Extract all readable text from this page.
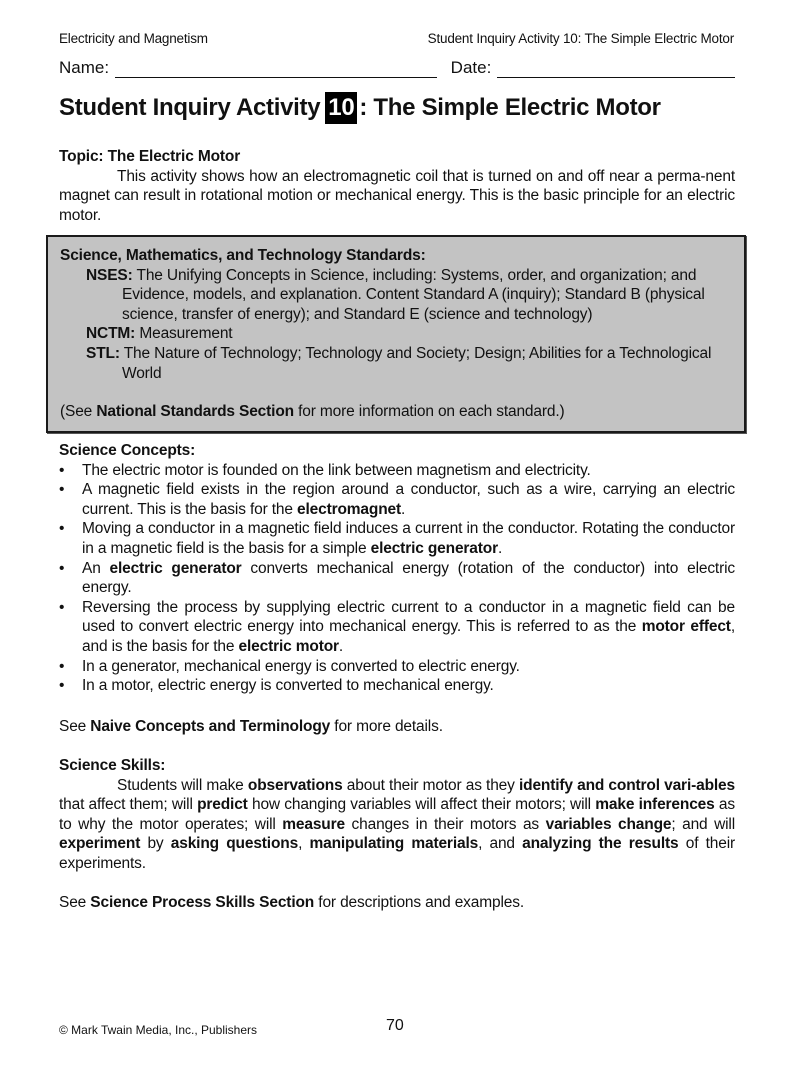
Electricity and Magnetism	Student Inquiry Activity 10: The Simple Electric Motor
Name:	Date:
Student Inquiry Activity 10 : The Simple Electric Motor
Topic: The Electric Motor

This activity shows how an electromagnetic coil that is turned on and off near a perma-nent magnet can result in rotational motion or mechanical energy. This is the basic principle for an electric motor.

Science, Mathematics, and Technology Standards:
NSES: The Unifying Concepts in Science, including: Systems, order, and organization; and Evidence, models, and explanation. Content Standard A (inquiry); Standard B (physical science, transfer of energy); and Standard E (science and technology)
NCTM: Measurement
STL: The Nature of Technology; Technology and Society; Design; Abilities for a Technological World

(See National Standards Section for more information on each standard.)

Science Concepts:
• The electric motor is founded on the link between magnetism and electricity.
• A magnetic field exists in the region around a conductor, such as a wire, carrying an electric current. This is the basis for the electromagnet.
• Moving a conductor in a magnetic field induces a current in the conductor. Rotating the conductor in a magnetic field is the basis for a simple electric generator.
• An electric generator converts mechanical energy (rotation of the conductor) into electric energy.
• Reversing the process by supplying electric current to a conductor in a magnetic field can be used to convert electric energy into mechanical energy. This is referred to as the motor effect, and is the basis for the electric motor.
• In a generator, mechanical energy is converted to electric energy.
• In a motor, electric energy is converted to mechanical energy.

See Naive Concepts and Terminology for more details.

Science Skills:

Students will make observations about their motor as they identify and control vari-ables that affect them; will predict how changing variables will affect their motors; will make inferences as to why the motor operates; will measure changes in their motors as variables change; and will experiment by asking questions, manipulating materials, and analyzing the results of their experiments.

See Science Process Skills Section for descriptions and examples.

© Mark Twain Media, Inc., Publishers	70
